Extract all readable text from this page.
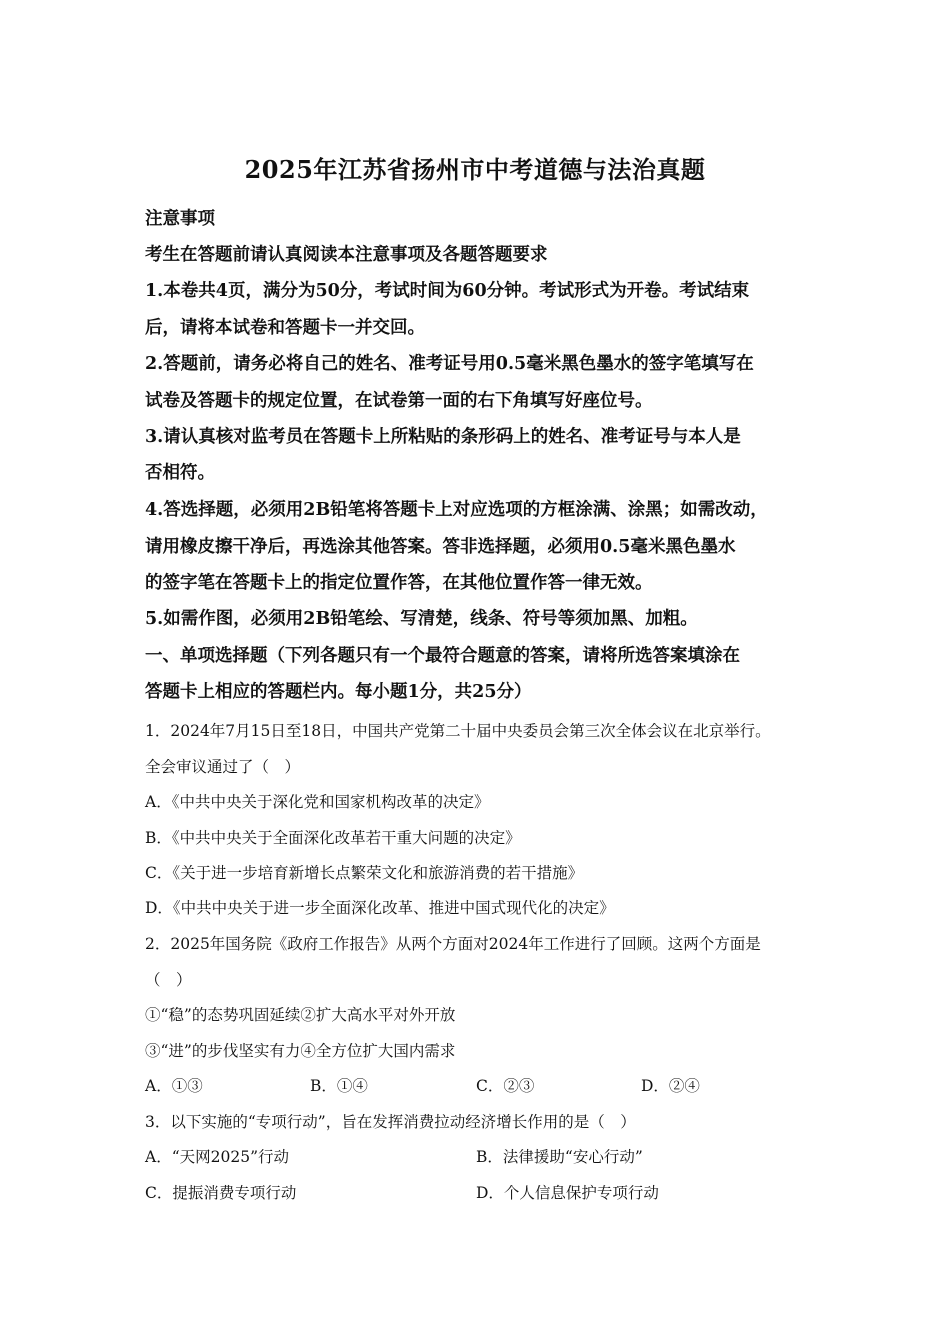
2025年江苏省扬州市中考道德与法治真题
注意事项
考生在答题前请认真阅读本注意事项及各题答题要求
1.本卷共4页，满分为50分，考试时间为60分钟。考试形式为开卷。考试结束
后，请将本试卷和答题卡一并交回。
2.答题前，请务必将自己的姓名、准考证号用0.5毫米黑色墨水的签字笔填写在
试卷及答题卡的规定位置，在试卷第一面的右下角填写好座位号。
3.请认真核对监考员在答题卡上所粘贴的条形码上的姓名、准考证号与本人是
否相符。
4.答选择题，必须用2B铅笔将答题卡上对应选项的方框涂满、涂黑；如需改动，
请用橡皮擦干净后，再选涂其他答案。答非选择题，必须用0.5毫米黑色墨水
的签字笔在答题卡上的指定位置作答，在其他位置作答一律无效。
5.如需作图，必须用2B铅笔绘、写清楚，线条、符号等须加黑、加粗。
一、单项选择题（下列各题只有一个最符合题意的答案，请将所选答案填涂在
答题卡上相应的答题栏内。每小题1分，共25分）
1．2024年7月15日至18日，中国共产党第二十届中央委员会第三次全体会议在北京举行。
全会审议通过了（　）
A．《中共中央关于深化党和国家机构改革的决定》
B．《中共中央关于全面深化改革若干重大问题的决定》
C．《关于进一步培育新增长点繁荣文化和旅游消费的若干措施》
D．《中共中央关于进一步全面深化改革、推进中国式现代化的决定》
2．2025年国务院《政府工作报告》从两个方面对2024年工作进行了回顾。这两个方面是
（　）
①“稳”的态势巩固延续②扩大高水平对外开放
③“进”的步伐坚实有力④全方位扩大国内需求
A．①③	B．①④	C．②③	D．②④
3．以下实施的“专项行动”，旨在发挥消费拉动经济增长作用的是（　）
A．“天网2025”行动	B．法律援助“安心行动”
C．提振消费专项行动	D．个人信息保护专项行动
